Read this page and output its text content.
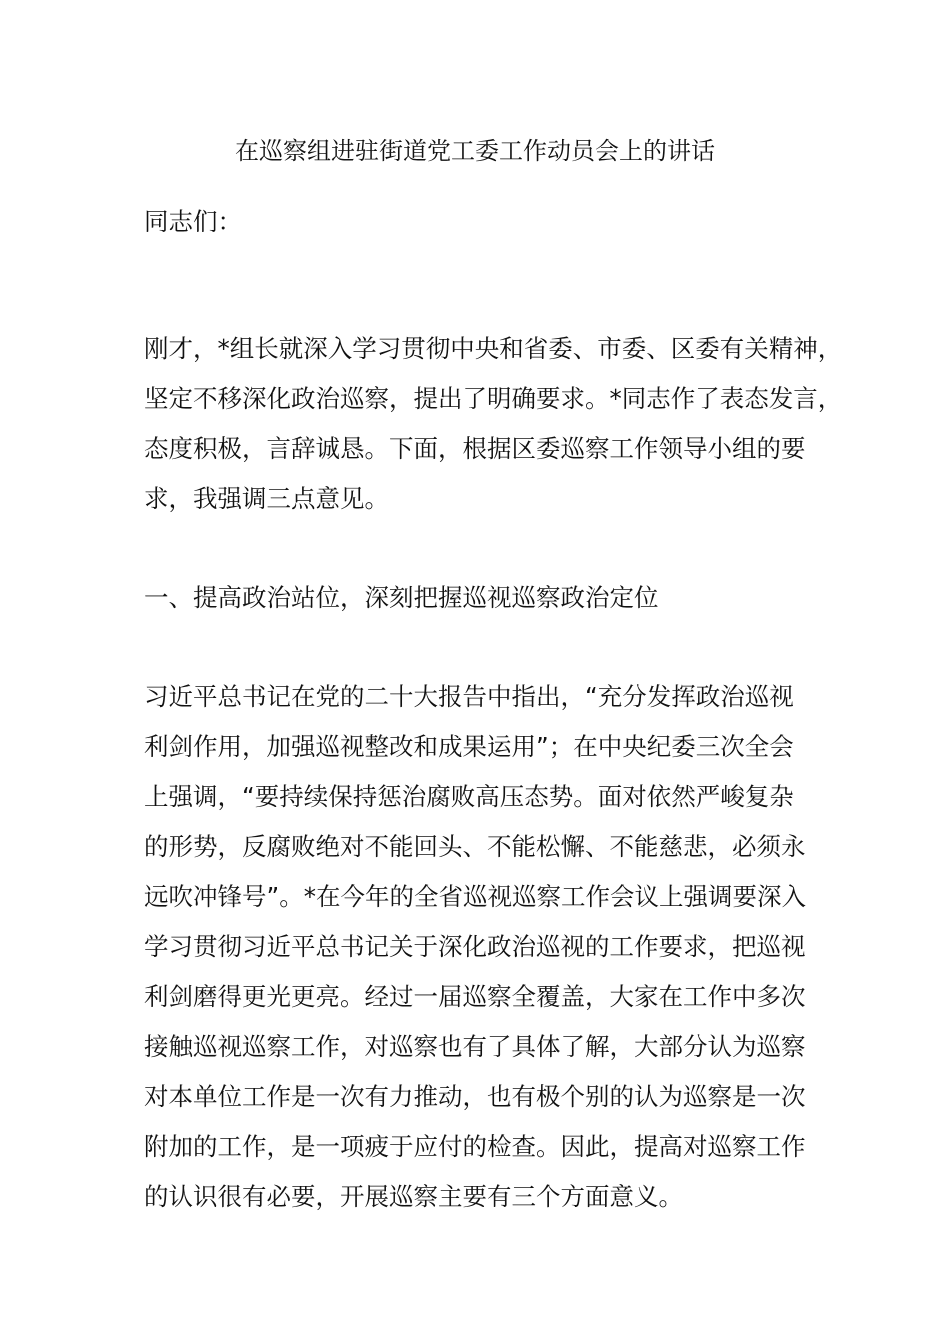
在巡察组进驻街道党工委工作动员会上的讲话

同志们：

刚才，*组长就深入学习贯彻中央和省委、市委、区委有关精神，
坚定不移深化政治巡察，提出了明确要求。*同志作了表态发言，
态度积极，言辞诚恳。下面，根据区委巡察工作领导小组的要
求，我强调三点意见。

一、提高政治站位，深刻把握巡视巡察政治定位

习近平总书记在党的二十大报告中指出，“充分发挥政治巡视
利剑作用，加强巡视整改和成果运用”；在中央纪委三次全会
上强调，“要持续保持惩治腐败高压态势。面对依然严峻复杂
的形势，反腐败绝对不能回头、不能松懈、不能慈悲，必须永
远吹冲锋号”。*在今年的全省巡视巡察工作会议上强调要深入
学习贯彻习近平总书记关于深化政治巡视的工作要求，把巡视
利剑磨得更光更亮。经过一届巡察全覆盖，大家在工作中多次
接触巡视巡察工作，对巡察也有了具体了解，大部分认为巡察
对本单位工作是一次有力推动，也有极个别的认为巡察是一次
附加的工作，是一项疲于应付的检查。因此，提高对巡察工作
的认识很有必要，开展巡察主要有三个方面意义。
